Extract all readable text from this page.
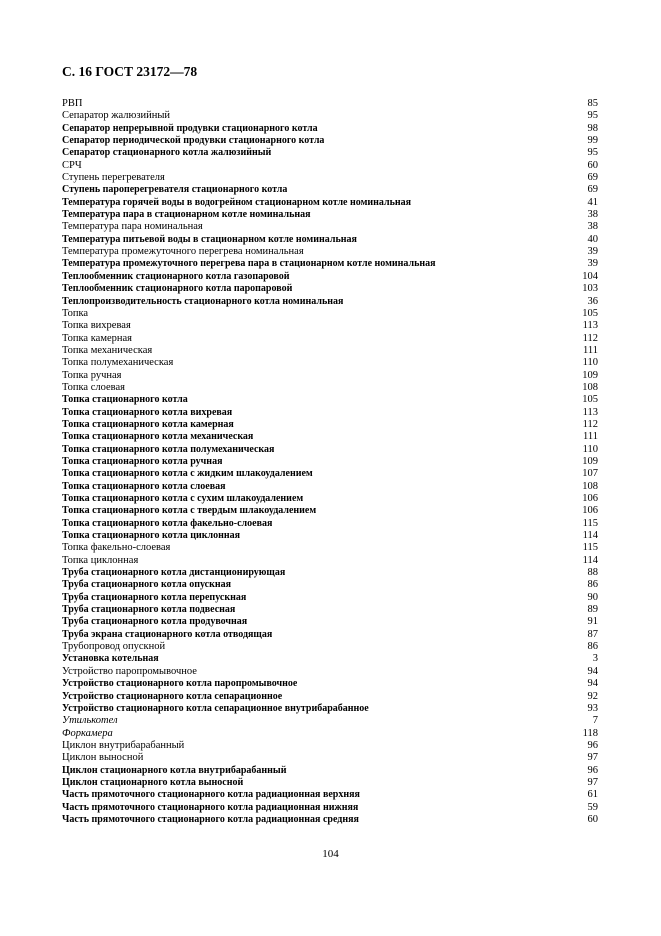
С. 16 ГОСТ 23172—78
РВП	85
Сепаратор жалюзийный	95
Сепаратор непрерывной продувки стационарного котла	98
Сепаратор периодической продувки стационарного котла	99
Сепаратор стационарного котла жалюзийный	95
СРЧ	60
Ступень перегревателя	69
Ступень пароперегревателя стационарного котла	69
Температура горячей воды в водогрейном стационарном котле номинальная	41
Температура пара в стационарном котле номинальная	38
Температура пара номинальная	38
Температура питьевой воды в стационарном котле номинальная	40
Температура промежуточного перегрева номинальная	39
Температура промежуточного перегрева пара в стационарном котле номинальная	39
Теплообменник стационарного котла газопаровой	104
Теплообменник стационарного котла паропаровой	103
Теплопроизводительность стационарного котла номинальная	36
Топка	105
Топка вихревая	113
Топка камерная	112
Топка механическая	111
Топка полумеханическая	110
Топка ручная	109
Топка слоевая	108
Топка стационарного котла	105
Топка стационарного котла вихревая	113
Топка стационарного котла камерная	112
Топка стационарного котла механическая	111
Топка стационарного котла полумеханическая	110
Топка стационарного котла ручная	109
Топка стационарного котла с жидким шлакоудалением	107
Топка стационарного котла слоевая	108
Топка стационарного котла с сухим шлакоудалением	106
Топка стационарного котла с твердым шлакоудалением	106
Топка стационарного котла факельно-слоевая	115
Топка стационарного котла циклонная	114
Топка факельно-слоевая	115
Топка циклонная	114
Труба стационарного котла дистанционирующая	88
Труба стационарного котла опускная	86
Труба стационарного котла перепускная	90
Труба стационарного котла подвесная	89
Труба стационарного котла продувочная	91
Труба экрана стационарного котла отводящая	87
Трубопровод опускной	86
Установка котельная	3
Устройство паропромывочное	94
Устройство стационарного котла паропромывочное	94
Устройство стационарного котла сепарационное	92
Устройство стационарного котла сепарационное внутрибарабанное	93
Утилькотел	7
Форкамера	118
Циклон внутрибарабанный	96
Циклон выносной	97
Циклон стационарного котла внутрибарабанный	96
Циклон стационарного котла выносной	97
Часть прямоточного стационарного котла радиационная верхняя	61
Часть прямоточного стационарного котла радиационная нижняя	59
Часть прямоточного стационарного котла радиационная средняя	60
104
